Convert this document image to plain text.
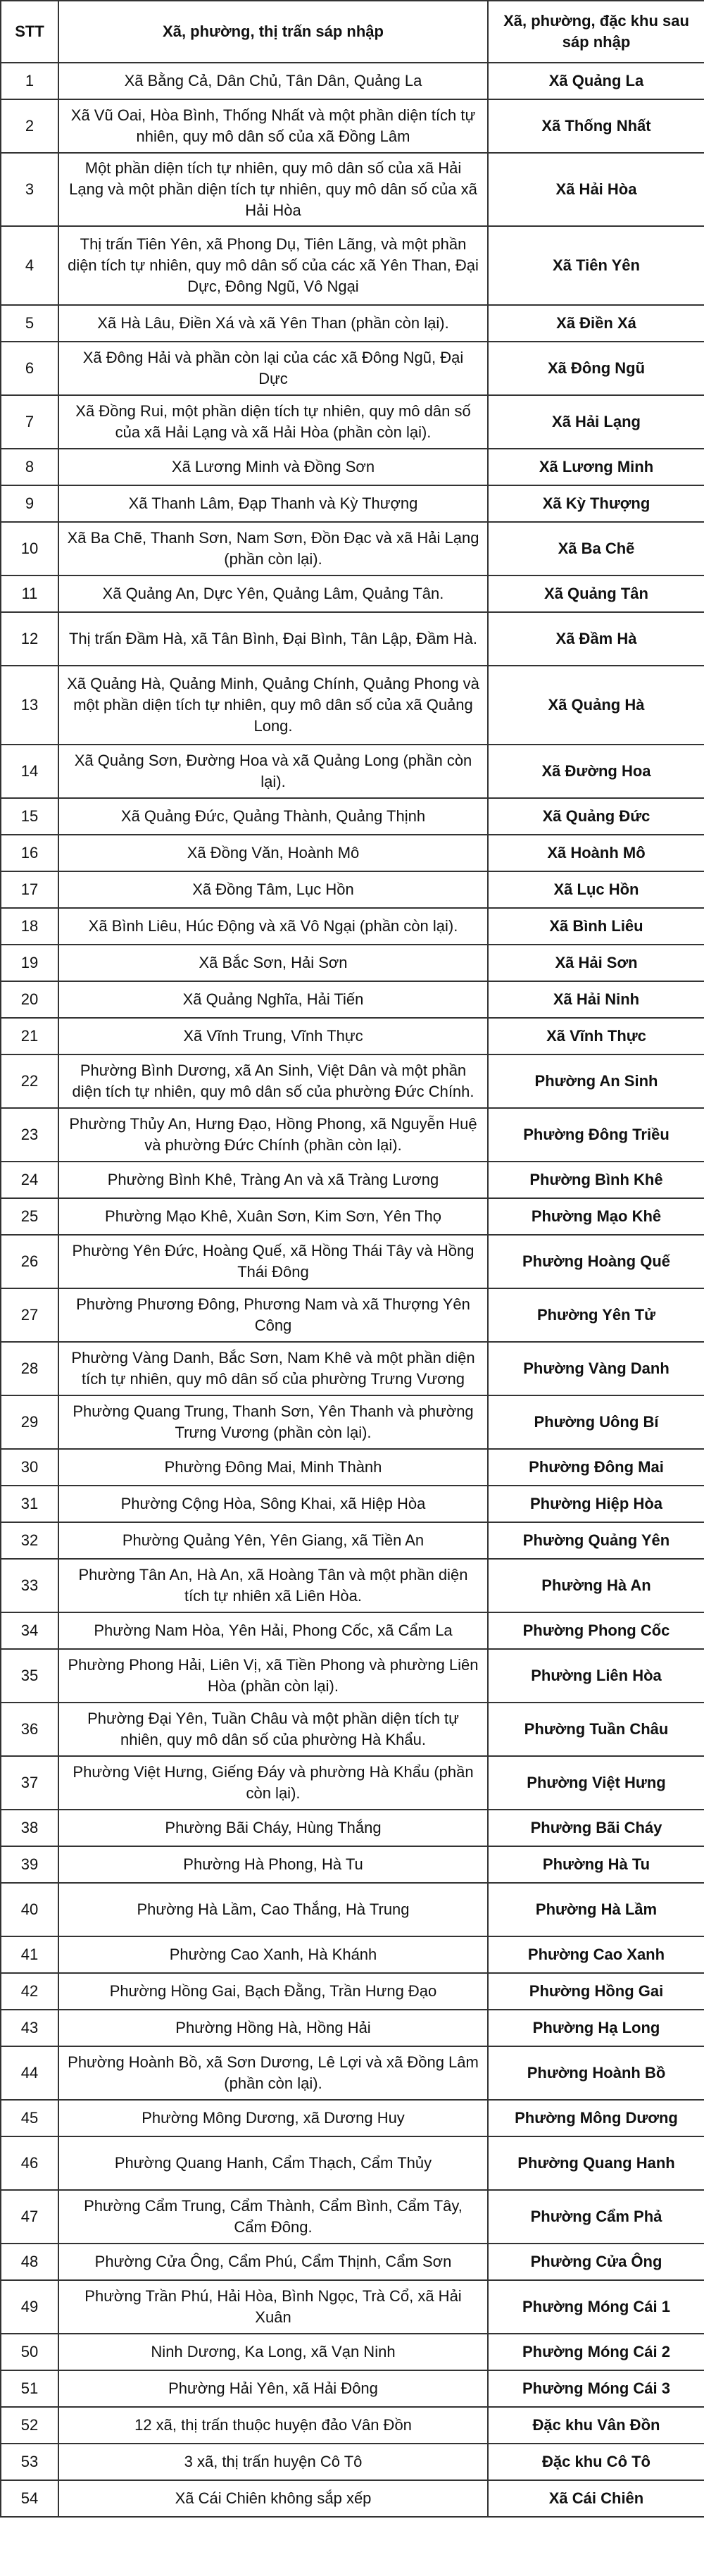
STT	Xã, phường, thị trấn sáp nhập	Xã, phường, đặc khu sau sáp nhập
1	Xã Bằng Cả, Dân Chủ, Tân Dân, Quảng La	Xã Quảng La
2	Xã Vũ Oai, Hòa Bình, Thống Nhất và một phần diện tích tự nhiên, quy mô dân số của xã Đồng Lâm	Xã Thống Nhất
3	Một phần diện tích tự nhiên, quy mô dân số của xã Hải Lạng và một phần diện tích tự nhiên, quy mô dân số của xã Hải Hòa	Xã Hải Hòa
4	Thị trấn Tiên Yên, xã Phong Dụ, Tiên Lãng, và một phần diện tích tự nhiên, quy mô dân số của các xã Yên Than, Đại Dực, Đông Ngũ, Vô Ngại	Xã Tiên Yên
5	Xã Hà Lâu, Điền Xá và xã Yên Than (phần còn lại).	Xã Điền Xá
6	Xã Đông Hải và phần còn lại của các xã Đông Ngũ, Đại Dực	Xã Đông Ngũ
7	Xã Đồng Rui, một phần diện tích tự nhiên, quy mô dân số của xã Hải Lạng và xã Hải Hòa (phần còn lại).	Xã Hải Lạng
8	Xã Lương Minh và Đồng Sơn	Xã Lương Minh
9	Xã Thanh Lâm, Đạp Thanh và Kỳ Thượng	Xã Kỳ Thượng
10	Xã Ba Chẽ, Thanh Sơn, Nam Sơn, Đồn Đạc và xã Hải Lạng (phần còn lại).	Xã Ba Chẽ
11	Xã Quảng An, Dực Yên, Quảng Lâm, Quảng Tân.	Xã Quảng Tân
12	Thị trấn Đầm Hà, xã Tân Bình, Đại Bình, Tân Lập, Đầm Hà.	Xã Đầm Hà
13	Xã Quảng Hà, Quảng Minh, Quảng Chính, Quảng Phong và một phần diện tích tự nhiên, quy mô dân số của xã Quảng Long.	Xã Quảng Hà
14	Xã Quảng Sơn, Đường Hoa và xã Quảng Long (phần còn lại).	Xã Đường Hoa
15	Xã Quảng Đức, Quảng Thành, Quảng Thịnh	Xã Quảng Đức
16	Xã Đồng Văn, Hoành Mô	Xã Hoành Mô
17	Xã Đồng Tâm, Lục Hồn	Xã Lục Hồn
18	Xã Bình Liêu, Húc Động và xã Vô Ngại (phần còn lại).	Xã Bình Liêu
19	Xã Bắc Sơn, Hải Sơn	Xã Hải Sơn
20	Xã Quảng Nghĩa, Hải Tiến	Xã Hải Ninh
21	Xã Vĩnh Trung, Vĩnh Thực	Xã Vĩnh Thực
22	Phường Bình Dương, xã An Sinh, Việt Dân và một phần diện tích tự nhiên, quy mô dân số của phường Đức Chính.	Phường An Sinh
23	Phường Thủy An, Hưng Đạo, Hồng Phong, xã Nguyễn Huệ và phường Đức Chính (phần còn lại).	Phường Đông Triều
24	Phường Bình Khê, Tràng An và xã Tràng Lương	Phường Bình Khê
25	Phường Mạo Khê, Xuân Sơn, Kim Sơn, Yên Thọ	Phường Mạo Khê
26	Phường Yên Đức, Hoàng Quế, xã Hồng Thái Tây và Hồng Thái Đông	Phường Hoàng Quế
27	Phường Phương Đông, Phương Nam và xã Thượng Yên Công	Phường Yên Tử
28	Phường Vàng Danh, Bắc Sơn, Nam Khê và một phần diện tích tự nhiên, quy mô dân số của phường Trưng Vương	Phường Vàng Danh
29	Phường Quang Trung, Thanh Sơn, Yên Thanh và phường Trưng Vương (phần còn lại).	Phường Uông Bí
30	Phường Đông Mai, Minh Thành	Phường Đông Mai
31	Phường Cộng Hòa, Sông Khai, xã Hiệp Hòa	Phường Hiệp Hòa
32	Phường Quảng Yên, Yên Giang, xã Tiền An	Phường Quảng Yên
33	Phường Tân An, Hà An, xã Hoàng Tân và một phần diện tích tự nhiên xã Liên Hòa.	Phường Hà An
34	Phường Nam Hòa, Yên Hải, Phong Cốc, xã Cẩm La	Phường Phong Cốc
35	Phường Phong Hải, Liên Vị, xã Tiền Phong và phường Liên Hòa (phần còn lại).	Phường Liên Hòa
36	Phường Đại Yên, Tuần Châu và một phần diện tích tự nhiên, quy mô dân số của phường Hà Khẩu.	Phường Tuần Châu
37	Phường Việt Hưng, Giếng Đáy và phường Hà Khẩu (phần còn lại).	Phường Việt Hưng
38	Phường Bãi Cháy, Hùng Thắng	Phường Bãi Cháy
39	Phường Hà Phong, Hà Tu	Phường Hà Tu
40	Phường Hà Lầm, Cao Thắng, Hà Trung	Phường Hà Lầm
41	Phường Cao Xanh, Hà Khánh	Phường Cao Xanh
42	Phường Hồng Gai, Bạch Đằng, Trần Hưng Đạo	Phường Hồng Gai
43	Phường Hồng Hà, Hồng Hải	Phường Hạ Long
44	Phường Hoành Bồ, xã Sơn Dương, Lê Lợi và xã Đồng Lâm (phần còn lại).	Phường Hoành Bồ
45	Phường Mông Dương, xã Dương Huy	Phường Mông Dương
46	Phường Quang Hanh, Cẩm Thạch, Cẩm Thủy	Phường Quang Hanh
47	Phường Cẩm Trung, Cẩm Thành, Cẩm Bình, Cẩm Tây, Cẩm Đông.	Phường Cẩm Phả
48	Phường Cửa Ông, Cẩm Phú, Cẩm Thịnh, Cẩm Sơn	Phường Cửa Ông
49	Phường Trần Phú, Hải Hòa, Bình Ngọc, Trà Cổ, xã Hải Xuân	Phường Móng Cái 1
50	Ninh Dương, Ka Long, xã Vạn Ninh	Phường Móng Cái 2
51	Phường Hải Yên, xã Hải Đông	Phường Móng Cái 3
52	12 xã, thị trấn thuộc huyện đảo Vân Đồn	Đặc khu Vân Đồn
53	3 xã, thị trấn huyện Cô Tô	Đặc khu Cô Tô
54	Xã Cái Chiên không sắp xếp	Xã Cái Chiên
